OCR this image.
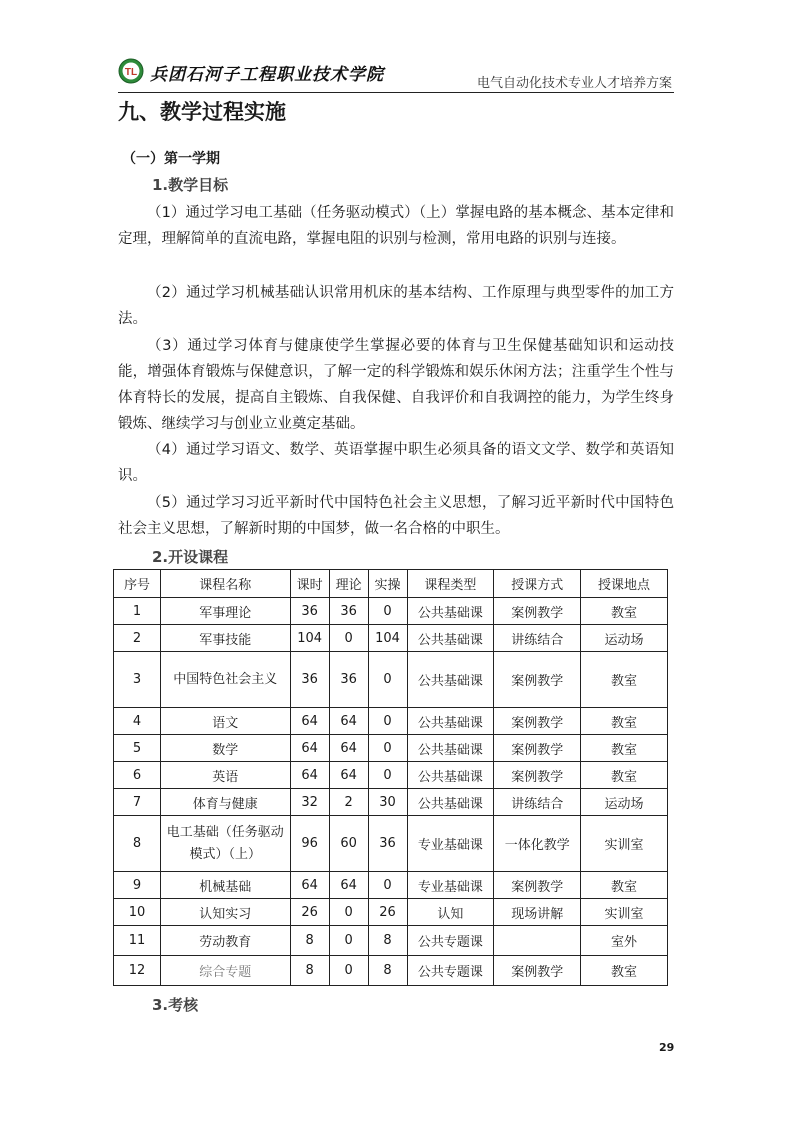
TL 兵团石河子工程职业技术学院	电气自动化技术专业人才培养方案
九、教学过程实施
（一）第一学期
1.教学目标

（1）通过学习电工基础（任务驱动模式）（上）掌握电路的基本概念、基本定律和定理，理解简单的直流电路，掌握电阻的识别与检测，常用电路的识别与连接。

（2）通过学习机械基础认识常用机床的基本结构、工作原理与典型零件的加工方法。

（3）通过学习体育与健康使学生掌握必要的体育与卫生保健基础知识和运动技能，增强体育锻炼与保健意识，了解一定的科学锻炼和娱乐休闲方法；注重学生个性与体育特长的发展，提高自主锻炼、自我保健、自我评价和自我调控的能力，为学生终身锻炼、继续学习与创业立业奠定基础。

（4）通过学习语文、数学、英语掌握中职生必须具备的语文文学、数学和英语知识。

（5）通过学习习近平新时代中国特色社会主义思想，了解习近平新时代中国特色社会主义思想，了解新时期的中国梦，做一名合格的中职生。

2.开设课程
序号	课程名称	课时	理论	实操	课程类型	授课方式	授课地点
1	军事理论	36	36	0	公共基础课	案例教学	教室
2	军事技能	104	0	104	公共基础课	讲练结合	运动场
3	中国特色社会主义	36	36	0	公共基础课	案例教学	教室
4	语文	64	64	0	公共基础课	案例教学	教室
5	数学	64	64	0	公共基础课	案例教学	教室
6	英语	64	64	0	公共基础课	案例教学	教室
7	体育与健康	32	2	30	公共基础课	讲练结合	运动场
8	电工基础（任务驱动模式）（上）	96	60	36	专业基础课	一体化教学	实训室
9	机械基础	64	64	0	专业基础课	案例教学	教室
10	认知实习	26	0	26	认知	现场讲解	实训室
11	劳动教育	8	0	8	公共专题课		室外
12	综合专题	8	0	8	公共专题课	案例教学	教室
3.考核
29
